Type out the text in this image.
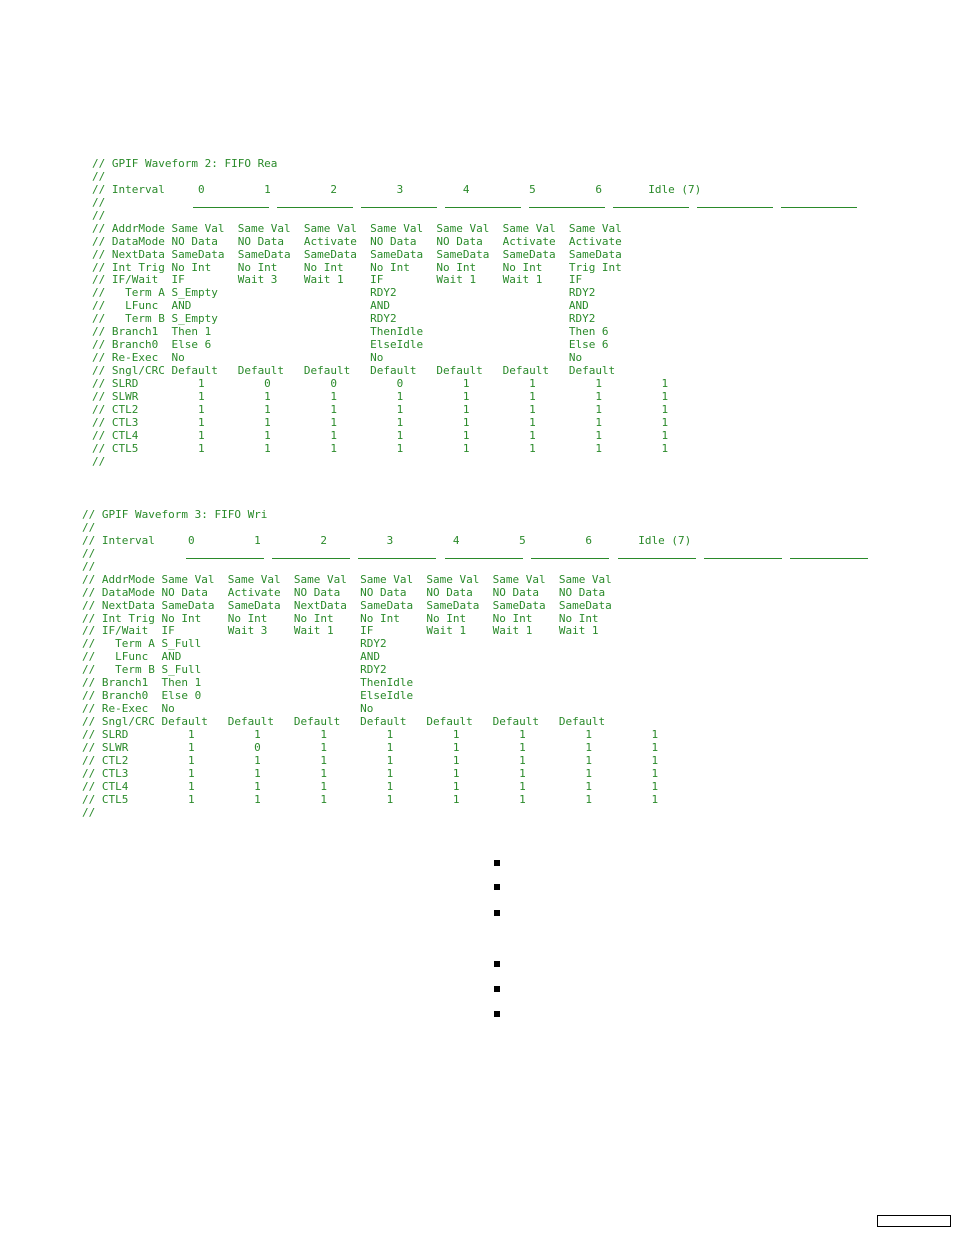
// GPIF Waveform 2: FIFO Rea
//
// Interval     0         1         2         3         4         5         6       Idle (7)
//
//
// AddrMode Same Val  Same Val  Same Val  Same Val  Same Val  Same Val  Same Val
// DataMode NO Data   NO Data   Activate  NO Data   NO Data   Activate  Activate
// NextData SameData  SameData  SameData  SameData  SameData  SameData  SameData
// Int Trig No Int    No Int    No Int    No Int    No Int    No Int    Trig Int
// IF/Wait  IF        Wait 3    Wait 1    IF        Wait 1    Wait 1    IF
//   Term A S_Empty                       RDY2                          RDY2
//   LFunc  AND                           AND                           AND
//   Term B S_Empty                       RDY2                          RDY2
// Branch1  Then 1                        ThenIdle                      Then 6
// Branch0  Else 6                        ElseIdle                      Else 6
// Re-Exec  No                            No                            No
// Sngl/CRC Default   Default   Default   Default   Default   Default   Default
// SLRD         1         0         0         0         1         1         1         1
// SLWR         1         1         1         1         1         1         1         1
// CTL2         1         1         1         1         1         1         1         1
// CTL3         1         1         1         1         1         1         1         1
// CTL4         1         1         1         1         1         1         1         1
// CTL5         1         1         1         1         1         1         1         1
//
// GPIF Waveform 3: FIFO Wri
//
// Interval     0         1         2         3         4         5         6       Idle (7)
//
//
// AddrMode Same Val  Same Val  Same Val  Same Val  Same Val  Same Val  Same Val
// DataMode NO Data   Activate  NO Data   NO Data   NO Data   NO Data   NO Data
// NextData SameData  SameData  NextData  SameData  SameData  SameData  SameData
// Int Trig No Int    No Int    No Int    No Int    No Int    No Int    No Int
// IF/Wait  IF        Wait 3    Wait 1    IF        Wait 1    Wait 1    Wait 1
//   Term A S_Full                        RDY2
//   LFunc  AND                           AND
//   Term B S_Full                        RDY2
// Branch1  Then 1                        ThenIdle
// Branch0  Else 0                        ElseIdle
// Re-Exec  No                            No
// Sngl/CRC Default   Default   Default   Default   Default   Default   Default
// SLRD         1         1         1         1         1         1         1         1
// SLWR         1         0         1         1         1         1         1         1
// CTL2         1         1         1         1         1         1         1         1
// CTL3         1         1         1         1         1         1         1         1
// CTL4         1         1         1         1         1         1         1         1
// CTL5         1         1         1         1         1         1         1         1
//
